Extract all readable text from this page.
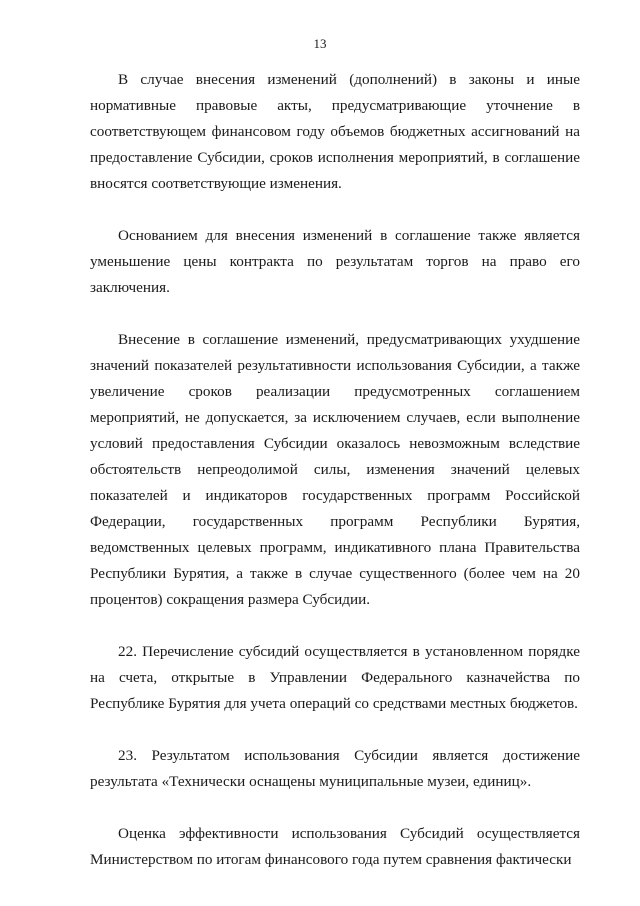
13

В случае внесения изменений (дополнений) в законы и иные нормативные правовые акты, предусматривающие уточнение в соответствующем финансовом году объемов бюджетных ассигнований на предоставление Субсидии, сроков исполнения мероприятий, в соглашение вносятся соответствующие изменения.

Основанием для внесения изменений в соглашение также является уменьшение цены контракта по результатам торгов на право его заключения.

Внесение в соглашение изменений, предусматривающих ухудшение значений показателей результативности использования Субсидии, а также увеличение сроков реализации предусмотренных соглашением мероприятий, не допускается, за исключением случаев, если выполнение условий предоставления Субсидии оказалось невозможным вследствие обстоятельств непреодолимой силы, изменения значений целевых показателей и индикаторов государственных программ Российской Федерации, государственных программ Республики Бурятия, ведомственных целевых программ, индикативного плана Правительства Республики Бурятия, а также в случае существенного (более чем на 20 процентов) сокращения размера Субсидии.

22. Перечисление субсидий осуществляется в установленном порядке на счета, открытые в Управлении Федерального казначейства по Республике Бурятия для учета операций со средствами местных бюджетов.

23. Результатом использования Субсидии является достижение результата «Технически оснащены муниципальные музеи, единиц».

Оценка эффективности использования Субсидий осуществляется Министерством по итогам финансового года путем сравнения фактически
